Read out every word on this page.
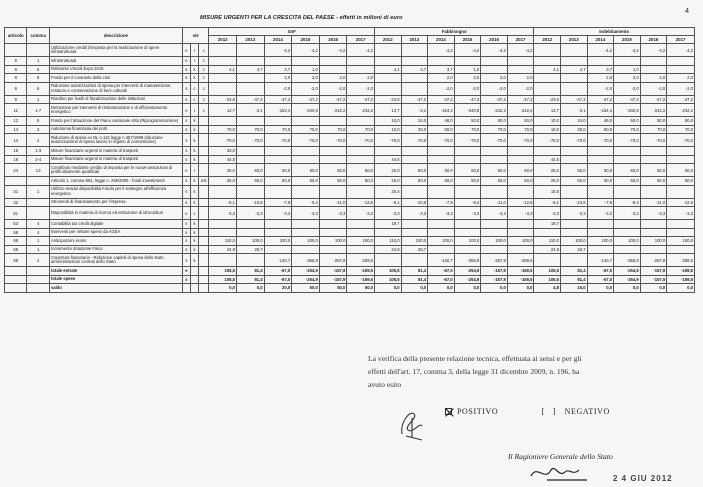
4
MISURE URGENTI PER LA CRESCITA DEL PAESE - effetti in milioni di euro
articolo	comma	descrizione	s/e			SnF						Fabbisogno						Indebitamento					
						2012	2013	2014	2015	2016	2017	2012	2013	2014	2015	2016	2017	2012	2013	2014	2015	2016	2017
		Utilizzazione crediti d'imposta per la realizzazione di opere infrastrutturali	e	t	c			-4,2	-4,2	-4,2	-4,2			-4,2	-4,2	-4,2	-4,2			-4,2	-4,2	-4,2	-4,2
6	1	infrastrutturali	e	t	c																		
6	5	Rimborso Vincoli Expo 2015	s	k	c	4,1	4,7	3,7	1,0			4,1	4,7	3,7	1,0			4,1	4,7	3,7	1,0		
8	8	Fondo per il contrasto della crisi	s	k	c			2,0	2,0	2,0	2,0			2,0	2,0	2,0	2,0			2,0	2,0	2,0	2,0
8	6	Riduzione autorizzazioni di spesa per interventi di manutenzione, restauro e conservazione di beni culturali	s	c	c			-2,0	-2,0	-2,0	-2,0			-2,0	-2,0	-2,0	-2,0			-2,0	-2,0	-2,0	-2,0
9	1	Riordino per livelli di fiscalizzazione delle istituzioni	s	c	c	-23,6	-47,2	-47,2	-47,2	-47,2	-47,2	-23,6	-47,2	-47,2	-47,2	-47,2	-47,2	-23,6	-47,2	-47,2	-47,2	-47,2	-47,2
11	1-7	Detrazione per interventi di ristrutturazione e di efficientamento energetico	e	t	c	13,7	-3,1	-154,4	-340,8	-242,2	-242,2	13,7	-3,1	-154,4	-340,8	-242,2	-242,2	13,7	-3,1	-154,4	-340,8	-242,2	-242,2
12	5	Fondo per l'attuazione del Piano nazionale città (Riprogrammazione)	s	k								10,0	24,0	46,0	50,0	50,0	50,0	10,0	24,0	46,0	50,0	50,0	50,0
14	2	Autonomia finanziaria dei porti	s	k		70,0	70,0	70,0	70,0	70,0	70,0	10,0	30,0	50,0	70,0	70,0	70,0	10,0	30,0	50,0	70,0	70,0	70,0
14	2	Riduzione di spesa ex DL n.112 legge n.457/1998 (riduzione autorizzazione di spesa lavoro in regime di concessione)	s	k		-70,0	-70,0	-70,0	-70,0	-70,0	-70,0	-70,0	-70,0	-70,0	-70,0	-70,0	-70,0	-70,0	-70,0	-70,0	-70,0	-70,0	-70,0
16	1-3	Misure finanziarie urgenti in materia di trasporti	s	k		33,0																	
16	2-4	Misure finanziarie urgenti in materia di trasporti	s	k		44,5						44,5						44,5					
24	13	Contributo mediante credito di imposta per le nuove assunzioni di profili altamente qualificati	e	t		25,0	50,0	50,0	50,0	50,0	50,0	25,0	50,0	50,0	50,0	50,0	50,0	25,0	50,0	50,0	50,0	50,0	50,0
		Articolo 1, comma 991, legge n. 296/2006 - fondi investimenti	s	k	est	25,0	50,0	50,0	50,0	50,0	50,0	25,0	50,0	50,0	50,0	50,0	50,0	25,0	50,0	50,0	50,0	50,0	50,0
31	1	Utilizzo residui disponibilità Fondo per il sostegno all'efficienza energetica	s	k								25,4						15,5					
32		Strumenti di finanziamento per l'impresa	s	k		-6,1	-10,8	-7,9	-9,4	-11,0	-12,6	-6,1	-10,8	-7,9	-9,4	-11,0	-12,6	-6,1	-10,8	-7,9	-9,4	-11,0	-12,6
51		Disponibilità in materia di ricerca ed estrazione di idrocarburi	e	c		-3,3	-3,3	-3,3	-3,3	-3,3	-3,3	-3,3	-3,3	-3,3	-3,3	-3,3	-3,3	-3,3	-3,3	-3,3	-3,3	-3,3	-3,3
53	4	Contabilità tax credit digitale	s	k								19,7						19,7					
59	4	Interventi per nettare spese da AGEA	s	k																			
68	1	Anticipazioni erario	s	k		110,0	100,0	100,0	100,0	100,0	100,0	110,0	100,0	100,0	100,0	100,0	100,0	110,0	100,0	100,0	100,0	100,0	100,0
69	1	Incremento dotazione Fisco	s	k		24,9	26,7					24,9	26,7					24,9	26,7				
69	2	Copertura finanziaria - Riduzione capitoli di spesa dello stato amministrazioni centrali dello Stato	s	k				-140,7	-355,9	-257,9	-259,5			-140,7	-355,9	-257,9	-259,5			-140,7	-355,9	-257,9	-259,5
		totale entrate	e			105,5	81,4	-67,0	-254,9	-157,9	-159,5	105,5	81,4	-67,0	-254,9	-157,9	-159,5	105,5	81,4	-67,0	-254,9	-157,9	-159,5
		totale spese	s			105,5	81,4	-67,0	-254,9	-157,9	-159,5	105,5	81,4	-67,0	-254,9	-157,9	-159,5	105,5	81,4	-67,0	-254,9	-157,9	-159,5
		saldo				0,0	0,0	20,0	50,0	50,0	50,0	0,0	0,0	0,0	0,0	0,0	0,0	4,8	16,0	0,0	0,0	0,0	0,0
La verifica della presente relazione tecnica, effettuata ai sensi e per gli
effetti dell'art. 17, comma 3, della legge 31 dicembre 2009, n. 196, ha
avuto esito
POSITIVO	[ ] NEGATIVO
Il Ragioniere Generale dello Stato
2 4 GIU 2012
